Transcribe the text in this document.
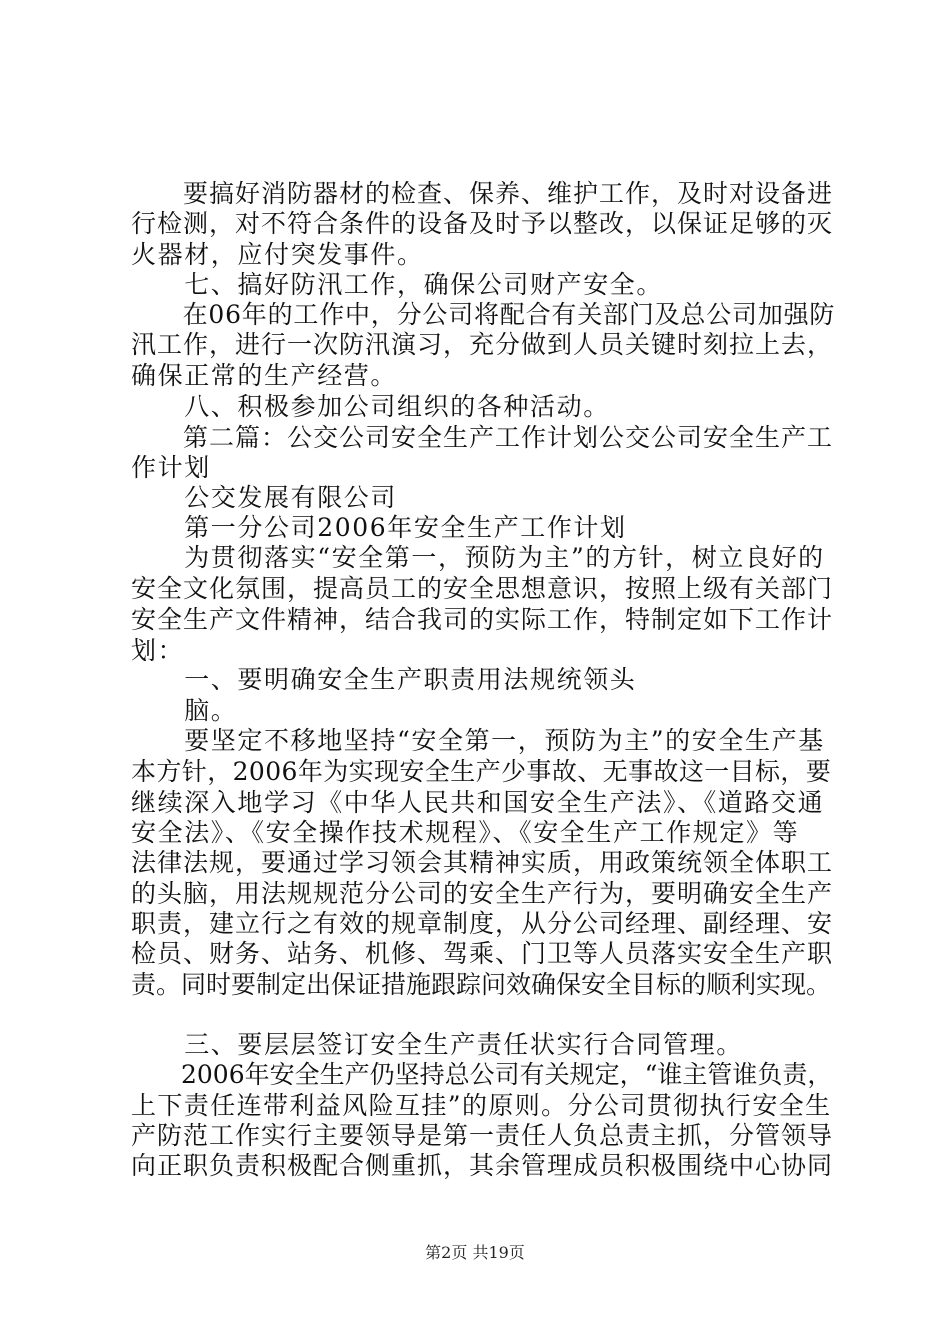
　　要搞好消防器材的检查、保养、维护工作，及时对设备进
行检测，对不符合条件的设备及时予以整改，以保证足够的灭
火器材，应付突发事件。
　　七、搞好防汛工作，确保公司财产安全。
　　在06年的工作中，分公司将配合有关部门及总公司加强防
汛工作，进行一次防汛演习，充分做到人员关键时刻拉上去，
确保正常的生产经营。
　　八、积极参加公司组织的各种活动。
　　第二篇：公交公司安全生产工作计划公交公司安全生产工
作计划
　　公交发展有限公司
　　第一分公司2006年安全生产工作计划
　　为贯彻落实“安全第一，预防为主”的方针，树立良好的
安全文化氛围，提高员工的安全思想意识，按照上级有关部门
安全生产文件精神，结合我司的实际工作，特制定如下工作计
划：
　　一、要明确安全生产职责用法规统领头
　　脑。
　　要坚定不移地坚持“安全第一，预防为主”的安全生产基
本方针，2006年为实现安全生产少事故、无事故这一目标，要
继续深入地学习《中华人民共和国安全生产法》、《道路交通
安全法》、《安全操作技术规程》、《安全生产工作规定》等
法律法规，要通过学习领会其精神实质，用政策统领全体职工
的头脑，用法规规范分公司的安全生产行为，要明确安全生产
职责，建立行之有效的规章制度，从分公司经理、副经理、安
检员、财务、站务、机修、驾乘、门卫等人员落实安全生产职
责。同时要制定出保证措施跟踪问效确保安全目标的顺利实现。
　　三、要层层签订安全生产责任状实行合同管理。
　　2006年安全生产仍坚持总公司有关规定，“谁主管谁负责，
上下责任连带利益风险互挂”的原则。分公司贯彻执行安全生
产防范工作实行主要领导是第一责任人负总责主抓，分管领导
向正职负责积极配合侧重抓，其余管理成员积极围绕中心协同
第2页 共19页
